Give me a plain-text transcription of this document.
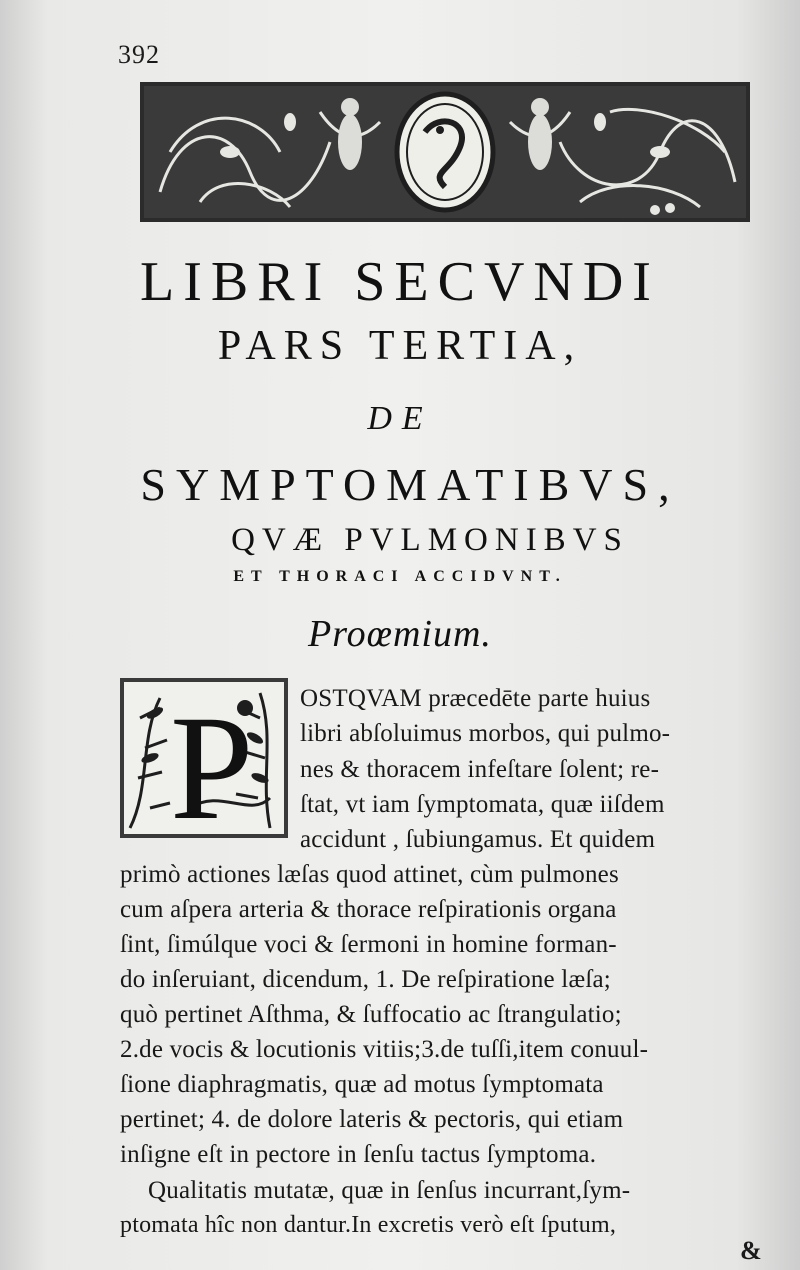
392
LIBRI SECVNDI
PARS TERTIA,
DE
SYMPTOMATIBVS,
QVÆ PVLMONIBVS
ET THORACI ACCIDVNT.
Proœmium.
P OSTQVAM præcedēte parte huius
libri abſoluimus morbos, qui pulmo-
nes & thoracem infeſtare ſolent; re-
ſtat, vt iam ſymptomata, quæ iiſdem
accidunt , ſubiungamus. Et quidem
primò actiones læſas quod attinet, cùm pulmones
cum aſpera arteria & thorace reſpirationis organa
ſint, ſimúlque voci & ſermoni in homine forman-
do inſeruiant, dicendum, 1. De reſpiratione læſa;
quò pertinet Aſthma, & ſuffocatio ac ſtrangulatio;
2.de vocis & locutionis vitiis;3.de tuſſi,item conuul-
ſione diaphragmatis, quæ ad motus ſymptomata
pertinet; 4. de dolore lateris & pectoris, qui etiam
inſigne eſt in pectore in ſenſu tactus ſymptoma.
Qualitatis mutatæ, quæ in ſenſus incurrant,ſym-
ptomata hîc non dantur.In excretis verò eſt ſputum,
&
